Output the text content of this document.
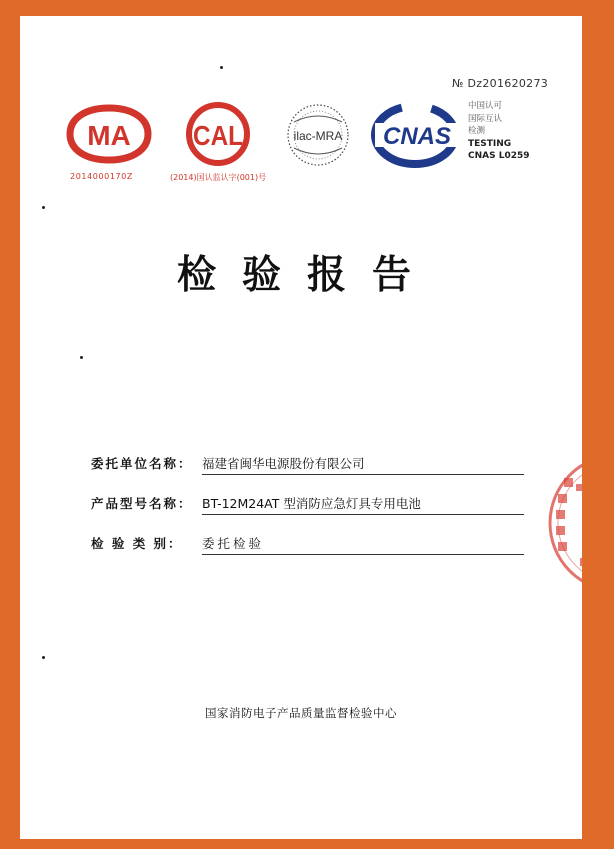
№ Dz201620273
MA
2014000170Z
CAL
(2014)国认监认字(001)号
ilac-MRA CNAS
中国认可
国际互认
检测
TESTING
CNAS L0259
检验报告
委托单位名称： 福建省闽华电源股份有限公司
产品型号名称： BT-12M24AT 型消防应急灯具专用电池
检 验 类 别： 委托检验
国家消防电子产品质量监督检验中心
